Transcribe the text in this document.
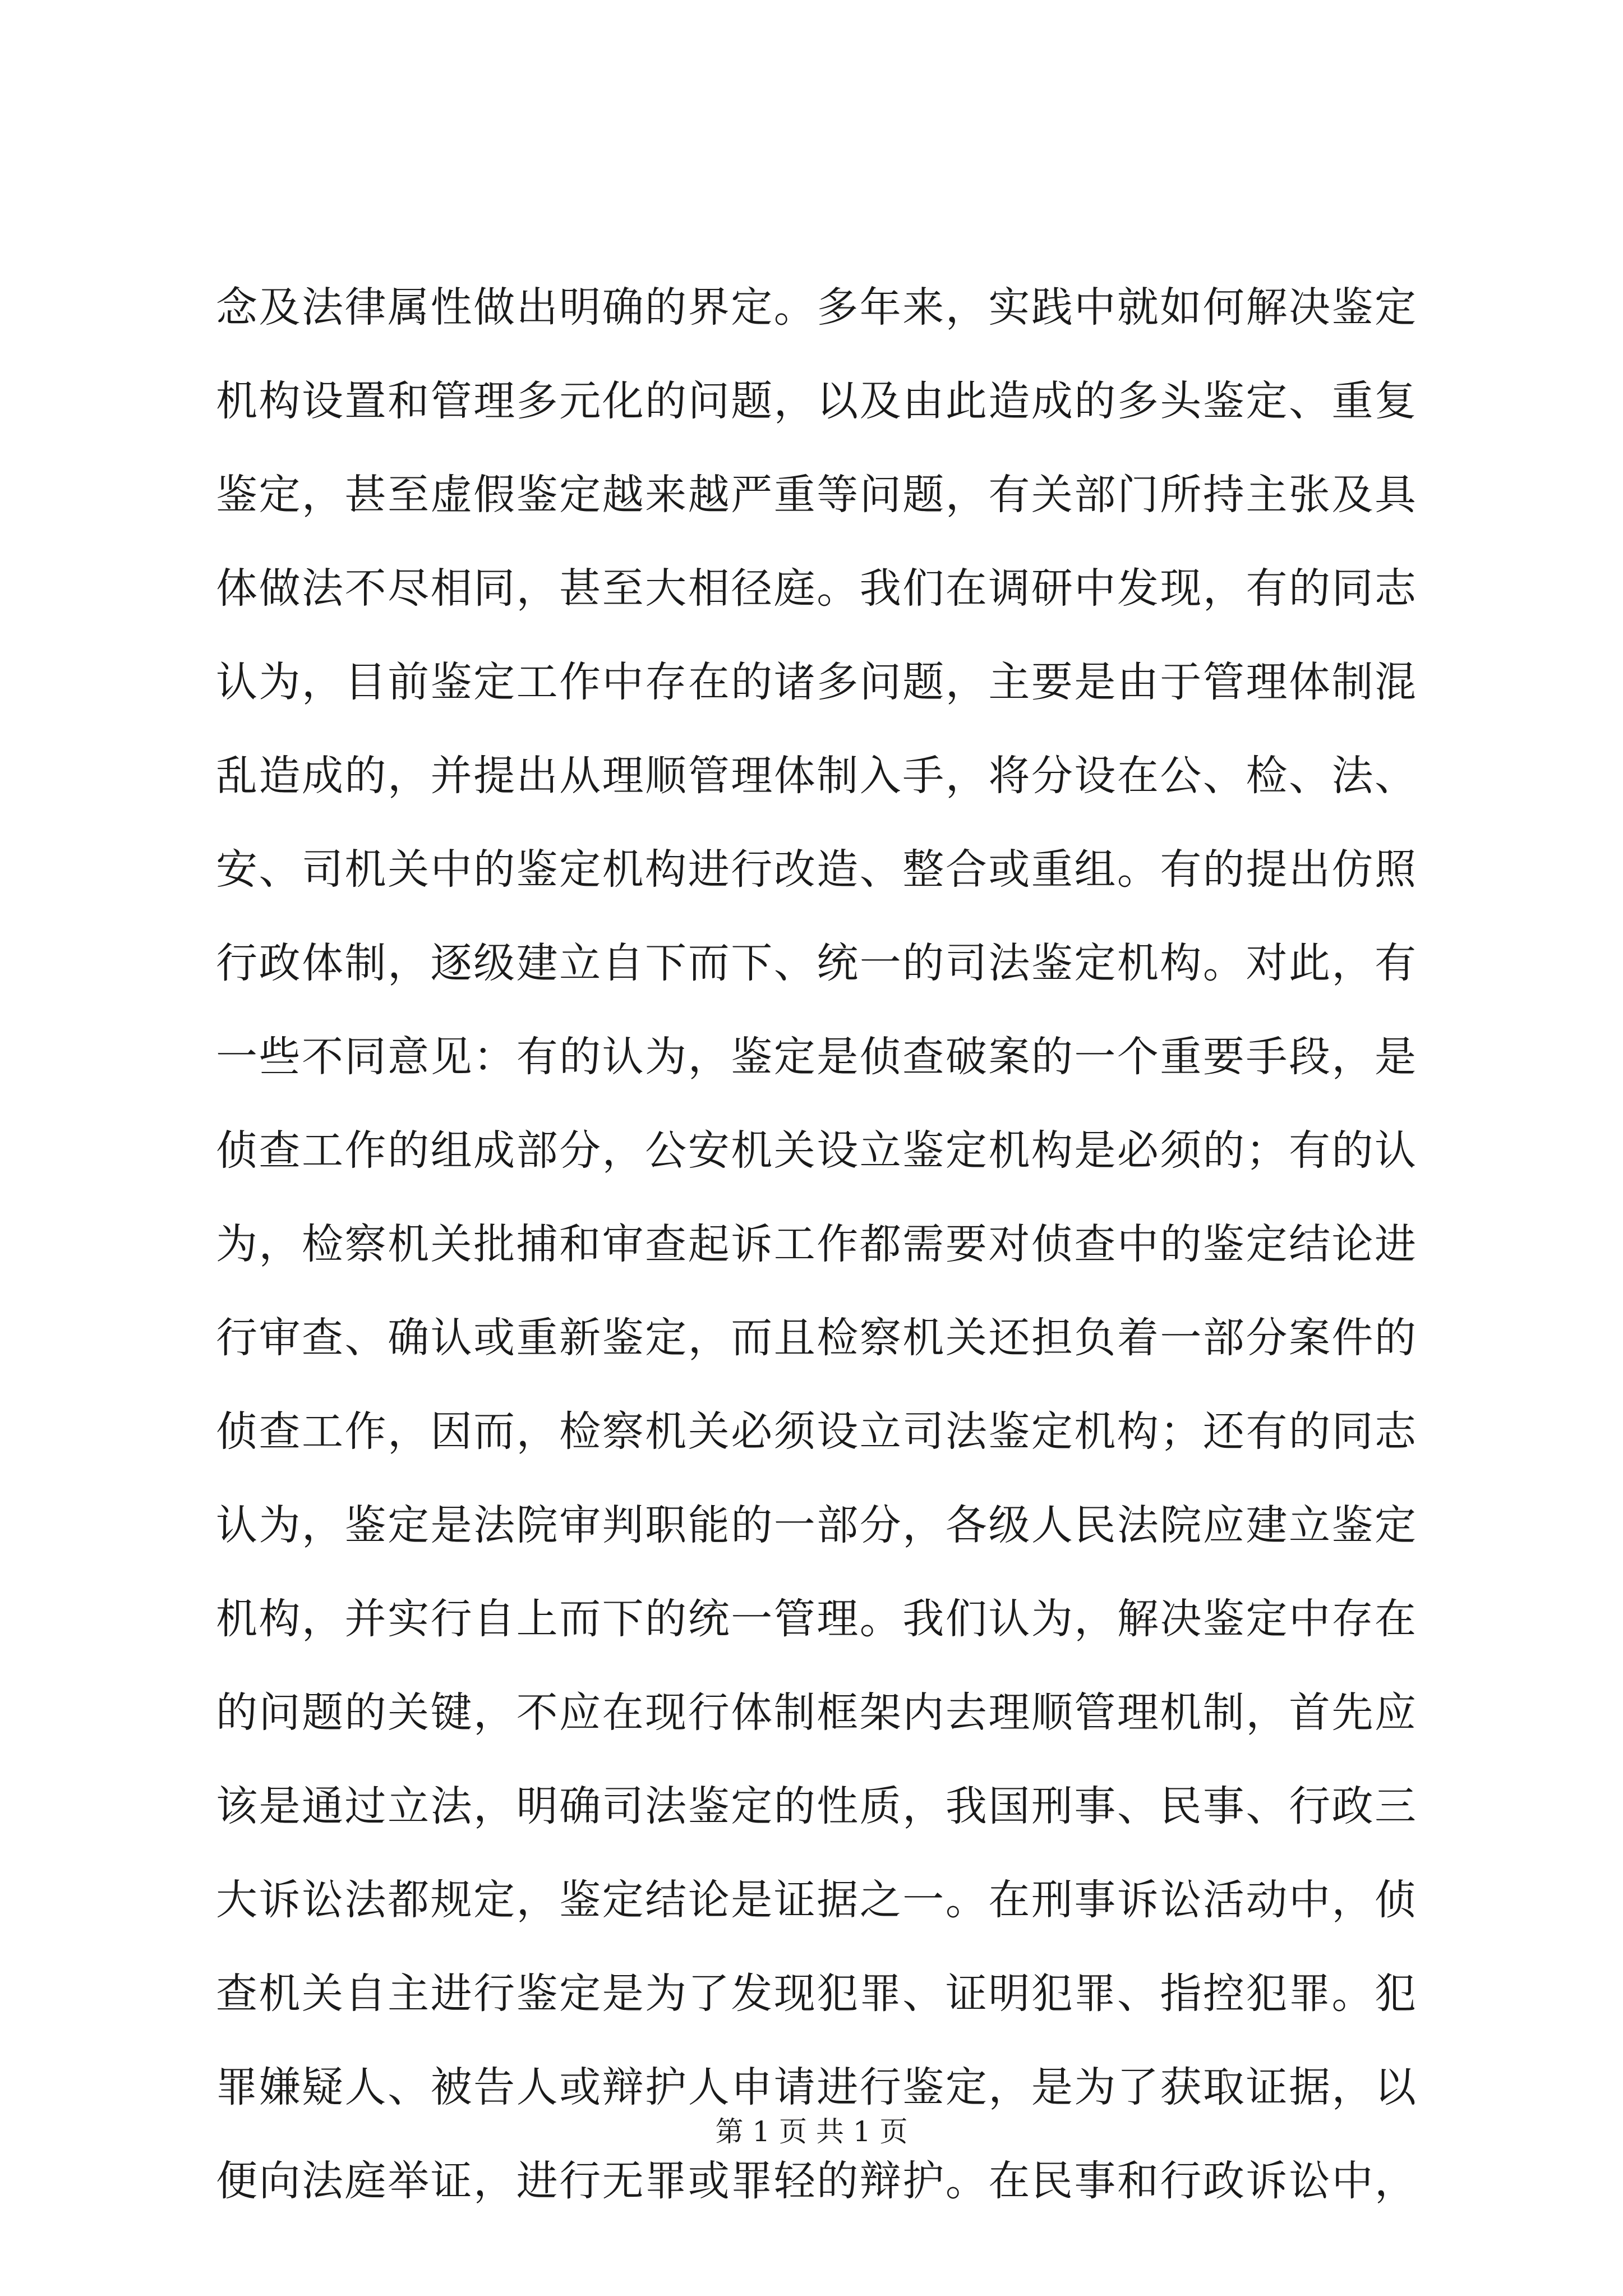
念及法律属性做出明确的界定。多年来，实践中就如何解决鉴定
机构设置和管理多元化的问题，以及由此造成的多头鉴定、重复
鉴定，甚至虚假鉴定越来越严重等问题，有关部门所持主张及具
体做法不尽相同，甚至大相径庭。我们在调研中发现，有的同志
认为，目前鉴定工作中存在的诸多问题，主要是由于管理体制混
乱造成的，并提出从理顺管理体制入手，将分设在公、检、法、
安、司机关中的鉴定机构进行改造、整合或重组。有的提出仿照
行政体制，逐级建立自下而下、统一的司法鉴定机构。对此，有
一些不同意见：有的认为，鉴定是侦查破案的一个重要手段，是
侦查工作的组成部分，公安机关设立鉴定机构是必须的；有的认
为，检察机关批捕和审查起诉工作都需要对侦查中的鉴定结论进
行审查、确认或重新鉴定，而且检察机关还担负着一部分案件的
侦查工作，因而，检察机关必须设立司法鉴定机构；还有的同志
认为，鉴定是法院审判职能的一部分，各级人民法院应建立鉴定
机构，并实行自上而下的统一管理。我们认为，解决鉴定中存在
的问题的关键，不应在现行体制框架内去理顺管理机制，首先应
该是通过立法，明确司法鉴定的性质，我国刑事、民事、行政三
大诉讼法都规定，鉴定结论是证据之一。在刑事诉讼活动中，侦
查机关自主进行鉴定是为了发现犯罪、证明犯罪、指控犯罪。犯
罪嫌疑人、被告人或辩护人申请进行鉴定，是为了获取证据，以
便向法庭举证，进行无罪或罪轻的辩护。在民事和行政诉讼中，
第 1 页 共 1 页
